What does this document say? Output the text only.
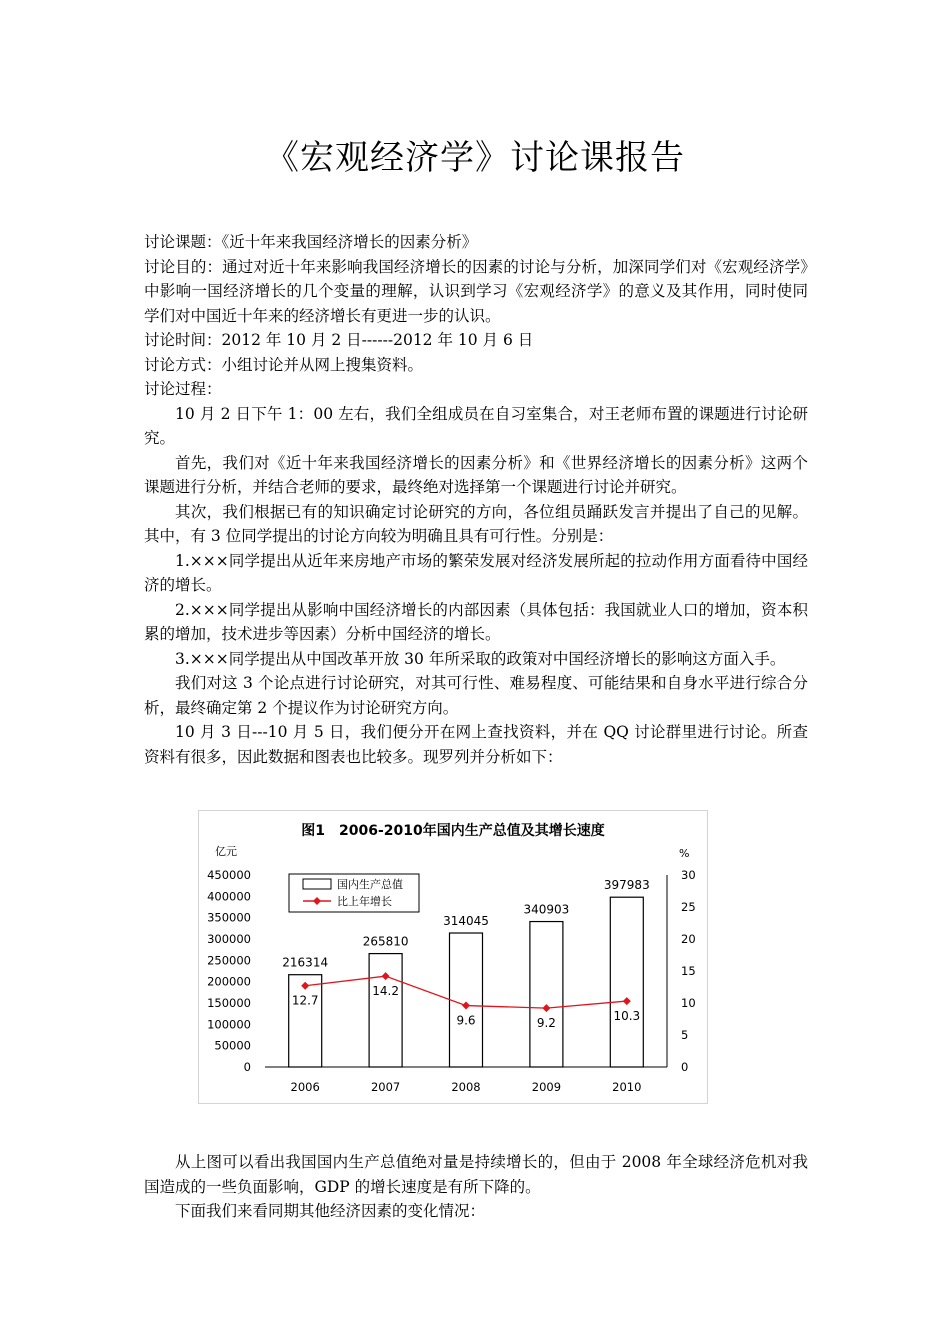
《宏观经济学》讨论课报告

讨论课题：《近十年来我国经济增长的因素分析》

讨论目的：通过对近十年来影响我国经济增长的因素的讨论与分析，加深同学们对《宏观经济学》中影响一国经济增长的几个变量的理解，认识到学习《宏观经济学》的意义及其作用，同时使同学们对中国近十年来的经济增长有更进一步的认识。

讨论时间：2012 年 10 月 2 日------2012 年 10 月 6 日

讨论方式：小组讨论并从网上搜集资料。

讨论过程：

10 月 2 日下午 1：00 左右，我们全组成员在自习室集合，对王老师布置的课题进行讨论研究。

首先，我们对《近十年来我国经济增长的因素分析》和《世界经济增长的因素分析》这两个课题进行分析，并结合老师的要求，最终绝对选择第一个课题进行讨论并研究。

其次，我们根据已有的知识确定讨论研究的方向，各位组员踊跃发言并提出了自己的见解。其中，有 3 位同学提出的讨论方向较为明确且具有可行性。分别是：

1.×××同学提出从近年来房地产市场的繁荣发展对经济发展所起的拉动作用方面看待中国经济的增长。

2.×××同学提出从影响中国经济增长的内部因素（具体包括：我国就业人口的增加，资本积累的增加，技术进步等因素）分析中国经济的增长。

3.×××同学提出从中国改革开放 30 年所采取的政策对中国经济增长的影响这方面入手。

我们对这 3 个论点进行讨论研究，对其可行性、难易程度、可能结果和自身水平进行综合分析，最终确定第 2 个提议作为讨论研究方向。

10 月 3 日---10 月 5 日，我们便分开在网上查找资料，并在 QQ 讨论群里进行讨论。所查资料有很多，因此数据和图表也比较多。现罗列并分析如下：

图1　2006-2010年国内生产总值及其增长速度
亿元	%
216314
265810
314045
340903
397983
12.7
14.2
9.6	9.2
10.3
0
50000
100000
150000
200000
250000
300000
350000
400000
450000
0
5
10
15
20
25
30
2006	2007	2008	2009	2010
国内生产总值
比上年增长

从上图可以看出我国国内生产总值绝对量是持续增长的，但由于 2008 年全球经济危机对我国造成的一些负面影响，GDP 的增长速度是有所下降的。

下面我们来看同期其他经济因素的变化情况：
